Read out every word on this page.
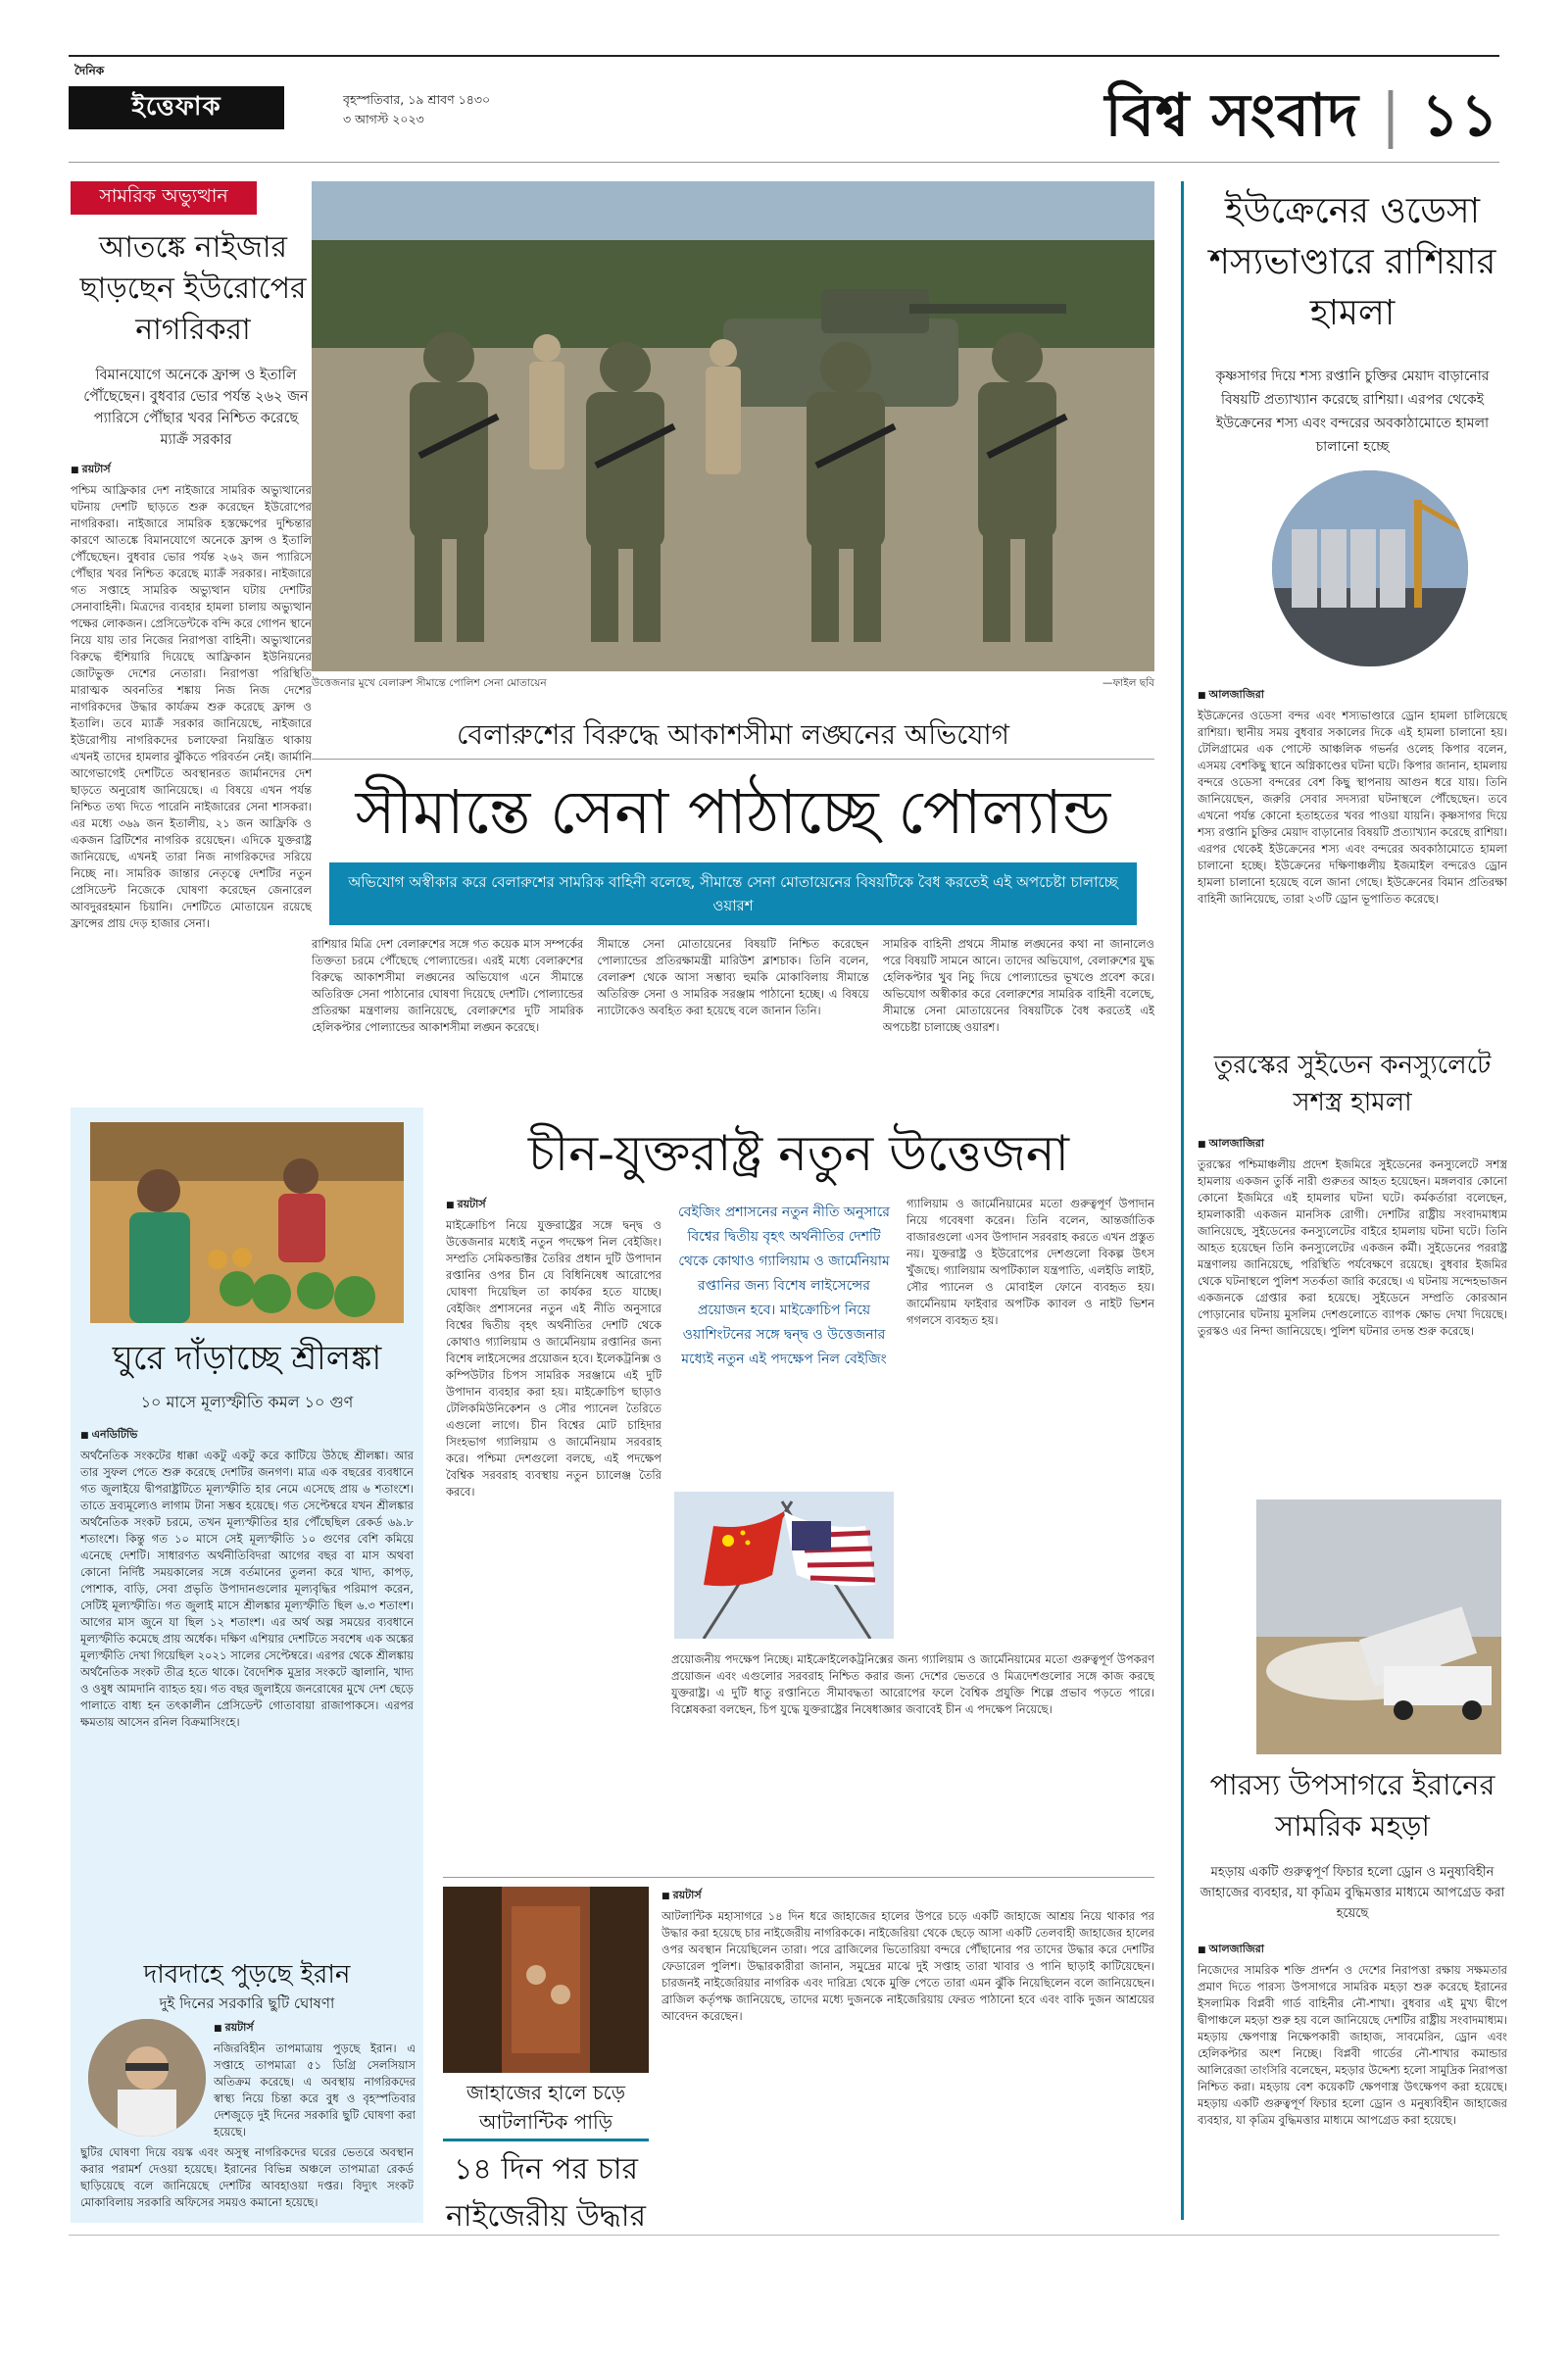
দৈনিক
ইত্তেফাক	বৃহস্পতিবার, ১৯ শ্রাবণ ১৪৩০
৩ আগস্ট ২০২৩	বিশ্ব সংবাদ | ১১
সামরিক অভ্যুত্থান
আতঙ্কে নাইজার ছাড়ছেন ইউরোপের নাগরিকরা
বিমানযোগে অনেকে ফ্রান্স ও ইতালি পৌঁছেছেন। বুধবার ভোর পর্যন্ত ২৬২ জন প্যারিসে পৌঁছার খবর নিশ্চিত করেছে ম্যাক্রঁ সরকার
■ রয়টার্স
পশ্চিম আফ্রিকার দেশ নাইজারে সামরিক অভ্যুত্থানের ঘটনায় দেশটি ছাড়তে শুরু করেছেন ইউরোপের নাগরিকরা। নাইজারে সামরিক হস্তক্ষেপের দুশ্চিন্তার কারণে আতঙ্কে বিমানযোগে অনেকে ফ্রান্স ও ইতালি পৌঁছেছেন। বুধবার ভোর পর্যন্ত ২৬২ জন প্যারিসে পৌঁছার খবর নিশ্চিত করেছে ম্যাক্রঁ সরকার। নাইজারে গত সপ্তাহে সামরিক অভ্যুত্থান ঘটায় দেশটির সেনাবাহিনী। মিত্রদের ব্যবহার হামলা চালায় অভ্যুত্থান পক্ষের লোকজন। প্রেসিডেন্টকে বন্দি করে গোপন স্থানে নিয়ে যায় তার নিজের নিরাপত্তা বাহিনী। অভ্যুত্থানের বিরুদ্ধে হুঁশিয়ারি দিয়েছে আফ্রিকান ইউনিয়নের জোটভুক্ত দেশের নেতারা। নিরাপত্তা পরিস্থিতি মারাত্মক অবনতির শঙ্কায় নিজ নিজ দেশের নাগরিকদের উদ্ধার কার্যক্রম শুরু করেছে ফ্রান্স ও ইতালি। তবে ম্যাক্রঁ সরকার জানিয়েছে, নাইজারে ইউরোপীয় নাগরিকদের চলাফেরা নিয়ন্ত্রিত থাকায় এখনই তাদের হামলার ঝুঁকিতে পরিবর্তন নেই। জার্মানি আগেভাগেই দেশটিতে অবস্থানরত জার্মানদের দেশ ছাড়তে অনুরোধ জানিয়েছে। এ বিষয়ে এখন পর্যন্ত নিশ্চিত তথ্য দিতে পারেনি নাইজারের সেনা শাসকরা। এর মধ্যে ৩৬৯ জন ইতালীয়, ২১ জন আফ্রিকি ও একজন ব্রিটিশের নাগরিক রয়েছেন। এদিকে যুক্তরাষ্ট্র জানিয়েছে, এখনই তারা নিজ নাগরিকদের সরিয়ে নিচ্ছে না। সামরিক জান্তার নেতৃত্বে দেশটির নতুন প্রেসিডেন্ট নিজেকে ঘোষণা করেছেন জেনারেল আবদুররহমান চিয়ানি। দেশটিতে মোতায়েন রয়েছে ফ্রান্সের প্রায় দেড় হাজার সেনা।
উত্তেজনার মুখে বেলারুশ সীমান্তে পোলিশ সেনা মোতায়েন	—ফাইল ছবি
বেলারুশের বিরুদ্ধে আকাশসীমা লঙ্ঘনের অভিযোগ
সীমান্তে সেনা পাঠাচ্ছে পোল্যান্ড
অভিযোগ অস্বীকার করে বেলারুশের সামরিক বাহিনী বলেছে, সীমান্তে সেনা মোতায়েনের বিষয়টিকে বৈধ করতেই এই অপচেষ্টা চালাচ্ছে ওয়ারশ
রাশিয়ার মিত্রি দেশ বেলারুশের সঙ্গে গত কয়েক মাস সম্পর্কের তিক্ততা চরমে পৌঁছেছে পোল্যান্ডের। এরই মধ্যে বেলারুশের বিরুদ্ধে আকাশসীমা লঙ্ঘনের অভিযোগ এনে সীমান্তে অতিরিক্ত সেনা পাঠানোর ঘোষণা দিয়েছে দেশটি। পোল্যান্ডের প্রতিরক্ষা মন্ত্রণালয় জানিয়েছে, বেলারুশের দুটি সামরিক হেলিকপ্টার পোল্যান্ডের আকাশসীমা লঙ্ঘন করেছে।
সীমান্তে সেনা মোতায়েনের বিষয়টি নিশ্চিত করেছেন পোল্যান্ডের প্রতিরক্ষামন্ত্রী মারিউশ ব্লাশচাক। তিনি বলেন, বেলারুশ থেকে আসা সম্ভাব্য হুমকি মোকাবিলায় সীমান্তে অতিরিক্ত সেনা ও সামরিক সরঞ্জাম পাঠানো হচ্ছে। এ বিষয়ে ন্যাটোকেও অবহিত করা হয়েছে বলে জানান তিনি।
সামরিক বাহিনী প্রথমে সীমান্ত লঙ্ঘনের কথা না জানালেও পরে বিষয়টি সামনে আনে। তাদের অভিযোগ, বেলারুশের যুদ্ধ হেলিকপ্টার খুব নিচু দিয়ে পোল্যান্ডের ভূখণ্ডে প্রবেশ করে। অভিযোগ অস্বীকার করে বেলারুশের সামরিক বাহিনী বলেছে, সীমান্তে সেনা মোতায়েনের বিষয়টিকে বৈধ করতেই এই অপচেষ্টা চালাচ্ছে ওয়ারশ।
ইউক্রেনের ওডেসা শস্যভাণ্ডারে রাশিয়ার হামলা
কৃষ্ণসাগর দিয়ে শস্য রপ্তানি চুক্তির মেয়াদ বাড়ানোর বিষয়টি প্রত্যাখ্যান করেছে রাশিয়া। এরপর থেকেই ইউক্রেনের শস্য এবং বন্দরের অবকাঠামোতে হামলা চালানো হচ্ছে
■ আলজাজিরা
ইউক্রেনের ওডেসা বন্দর এবং শস্যভাণ্ডারে ড্রোন হামলা চালিয়েছে রাশিয়া। স্থানীয় সময় বুধবার সকালের দিকে এই হামলা চালানো হয়। টেলিগ্রামের এক পোস্টে আঞ্চলিক গভর্নর ওলেহ কিপার বলেন, এসময় বেশকিছু স্থানে অগ্নিকাণ্ডের ঘটনা ঘটে। কিপার জানান, হামলায় বন্দরে ওডেসা বন্দরের বেশ কিছু স্থাপনায় আগুন ধরে যায়। তিনি জানিয়েছেন, জরুরি সেবার সদস্যরা ঘটনাস্থলে পৌঁছেছেন। তবে এখনো পর্যন্ত কোনো হতাহতের খবর পাওয়া যায়নি। কৃষ্ণসাগর দিয়ে শস্য রপ্তানি চুক্তির মেয়াদ বাড়ানোর বিষয়টি প্রত্যাখ্যান করেছে রাশিয়া। এরপর থেকেই ইউক্রেনের শস্য এবং বন্দরের অবকাঠামোতে হামলা চালানো হচ্ছে। ইউক্রেনের দক্ষিণাঞ্চলীয় ইজমাইল বন্দরেও ড্রোন হামলা চালানো হয়েছে বলে জানা গেছে। ইউক্রেনের বিমান প্রতিরক্ষা বাহিনী জানিয়েছে, তারা ২৩টি ড্রোন ভূপাতিত করেছে।
তুরস্কের সুইডেন কনস্যুলেটে সশস্ত্র হামলা
■ আলজাজিরা
তুরস্কের পশ্চিমাঞ্চলীয় প্রদেশ ইজমিরে সুইডেনের কনস্যুলেটে সশস্ত্র হামলায় একজন তুর্কি নারী গুরুতর আহত হয়েছেন। মঙ্গলবার কোনো কোনো ইজমিরে এই হামলার ঘটনা ঘটে। কর্মকর্তারা বলেছেন, হামলাকারী একজন মানসিক রোগী। দেশটির রাষ্ট্রীয় সংবাদমাধ্যম জানিয়েছে, সুইডেনের কনস্যুলেটের বাইরে হামলায় ঘটনা ঘটে। তিনি আহত হয়েছেন তিনি কনস্যুলেটের একজন কর্মী। সুইডেনের পররাষ্ট্র মন্ত্রণালয় জানিয়েছে, পরিস্থিতি পর্যবেক্ষণে রয়েছে। বুধবার ইজমির থেকে ঘটনাস্থলে পুলিশ সতর্কতা জারি করেছে। এ ঘটনায় সন্দেহভাজন একজনকে গ্রেপ্তার করা হয়েছে। সুইডেনে সম্প্রতি কোরআন পোড়ানোর ঘটনায় মুসলিম দেশগুলোতে ব্যাপক ক্ষোভ দেখা দিয়েছে। তুরস্কও এর নিন্দা জানিয়েছে। পুলিশ ঘটনার তদন্ত শুরু করেছে।
পারস্য উপসাগরে ইরানের সামরিক মহড়া
মহড়ায় একটি গুরুত্বপূর্ণ ফিচার হলো ড্রোন ও মনুষ্যবিহীন জাহাজের ব্যবহার, যা কৃত্রিম বুদ্ধিমত্তার মাধ্যমে আপগ্রেড করা হয়েছে
■ আলজাজিরা
নিজেদের সামরিক শক্তি প্রদর্শন ও দেশের নিরাপত্তা রক্ষায় সক্ষমতার প্রমাণ দিতে পারস্য উপসাগরে সামরিক মহড়া শুরু করেছে ইরানের ইসলামিক বিপ্লবী গার্ড বাহিনীর নৌ-শাখা। বুধবার এই মুখ্য দ্বীপে দ্বীপাঞ্চলে মহড়া শুরু হয় বলে জানিয়েছে দেশটির রাষ্ট্রীয় সংবাদমাধ্যম। মহড়ায় ক্ষেপণাস্ত্র নিক্ষেপকারী জাহাজ, সাবমেরিন, ড্রোন এবং হেলিকপ্টার অংশ নিচ্ছে। বিপ্লবী গার্ডের নৌ-শাখার কমান্ডার আলিরেজা তাংসিরি বলেছেন, মহড়ার উদ্দেশ্য হলো সামুদ্রিক নিরাপত্তা নিশ্চিত করা। মহড়ায় বেশ কয়েকটি ক্ষেপণাস্ত্র উৎক্ষেপণ করা হয়েছে। মহড়ায় একটি গুরুত্বপূর্ণ ফিচার হলো ড্রোন ও মনুষ্যবিহীন জাহাজের ব্যবহার, যা কৃত্রিম বুদ্ধিমত্তার মাধ্যমে আপগ্রেড করা হয়েছে।
ঘুরে দাঁড়াচ্ছে শ্রীলঙ্কা
১০ মাসে মূল্যস্ফীতি কমল ১০ গুণ
■ এনডিটিভি
অর্থনৈতিক সংকটের ধাক্কা একটু একটু করে কাটিয়ে উঠছে শ্রীলঙ্কা। আর তার সুফল পেতে শুরু করেছে দেশটির জনগণ। মাত্র এক বছরের ব্যবধানে গত জুলাইয়ে দ্বীপরাষ্ট্রটিতে মূল্যস্ফীতি হার নেমে এসেছে প্রায় ৬ শতাংশে। তাতে দ্রব্যমূল্যেও লাগাম টানা সম্ভব হয়েছে। গত সেপ্টেম্বরে যখন শ্রীলঙ্কার অর্থনৈতিক সংকট চরমে, তখন মূল্যস্ফীতির হার পৌঁছেছিল রেকর্ড ৬৯.৮ শতাংশে। কিন্তু গত ১০ মাসে সেই মূল্যস্ফীতি ১০ গুণের বেশি কমিয়ে এনেছে দেশটি। সাধারণত অর্থনীতিবিদরা আগের বছর বা মাস অথবা কোনো নির্দিষ্ট সময়কালের সঙ্গে বর্তমানের তুলনা করে খাদ্য, কাপড়, পোশাক, বাড়ি, সেবা প্রভৃতি উপাদানগুলোর মূল্যবৃদ্ধির পরিমাপ করেন, সেটিই মূল্যস্ফীতি। গত জুলাই মাসে শ্রীলঙ্কার মূল্যস্ফীতি ছিল ৬.৩ শতাংশ। আগের মাস জুনে যা ছিল ১২ শতাংশ। এর অর্থ অল্প সময়ের ব্যবধানে মূল্যস্ফীতি কমেছে প্রায় অর্ধেক। দক্ষিণ এশিয়ার দেশটিতে সবশেষ এক অঙ্কের মূল্যস্ফীতি দেখা গিয়েছিল ২০২১ সালের সেপ্টেম্বরে। এরপর থেকে শ্রীলঙ্কায় অর্থনৈতিক সংকট তীব্র হতে থাকে। বৈদেশিক মুদ্রার সংকটে জ্বালানি, খাদ্য ও ওষুধ আমদানি ব্যাহত হয়। গত বছর জুলাইয়ে জনরোষের মুখে দেশ ছেড়ে পালাতে বাধ্য হন তৎকালীন প্রেসিডেন্ট গোতাবায়া রাজাপাকসে। এরপর ক্ষমতায় আসেন রনিল বিক্রমাসিংহে।
দাবদাহে পুড়ছে ইরান
দুই দিনের সরকারি ছুটি ঘোষণা
■ রয়টার্স
নজিরবিহীন তাপমাত্রায় পুড়ছে ইরান। এ সপ্তাহে তাপমাত্রা ৫১ ডিগ্রি সেলসিয়াস অতিক্রম করেছে। এ অবস্থায় নাগরিকদের স্বাস্থ্য নিয়ে চিন্তা করে বুধ ও বৃহস্পতিবার দেশজুড়ে দুই দিনের সরকারি ছুটি ঘোষণা করা হয়েছে।
ছুটির ঘোষণা দিয়ে বয়স্ক এবং অসুস্থ নাগরিকদের ঘরের ভেতরে অবস্থান করার পরামর্শ দেওয়া হয়েছে। ইরানের বিভিন্ন অঞ্চলে তাপমাত্রা রেকর্ড ছাড়িয়েছে বলে জানিয়েছে দেশটির আবহাওয়া দপ্তর। বিদ্যুৎ সংকট মোকাবিলায় সরকারি অফিসের সময়ও কমানো হয়েছে।
চীন-যুক্তরাষ্ট্র নতুন উত্তেজনা
■ রয়টার্স
মাইক্রোচিপ নিয়ে যুক্তরাষ্ট্রের সঙ্গে দ্বন্দ্ব ও উত্তেজনার মধ্যেই নতুন পদক্ষেপ নিল বেইজিং। সম্প্রতি সেমিকন্ডাক্টর তৈরির প্রধান দুটি উপাদান রপ্তানির ওপর চীন যে বিধিনিষেধ আরোপের ঘোষণা দিয়েছিল তা কার্যকর হতে যাচ্ছে। বেইজিং প্রশাসনের নতুন এই নীতি অনুসারে বিশ্বের দ্বিতীয় বৃহৎ অর্থনীতির দেশটি থেকে কোথাও গ্যালিয়াম ও জার্মেনিয়াম রপ্তানির জন্য বিশেষ লাইসেন্সের প্রয়োজন হবে। ইলেকট্রনিক্স ও কম্পিউটার চিপস সামরিক সরঞ্জামে এই দুটি উপাদান ব্যবহার করা হয়। মাইক্রোচিপ ছাড়াও টেলিকমিউনিকেশন ও সৌর প্যানেল তৈরিতে এগুলো লাগে। চীন বিশ্বের মোট চাহিদার সিংহভাগ গ্যালিয়াম ও জার্মেনিয়াম সরবরাহ করে। পশ্চিমা দেশগুলো বলছে, এই পদক্ষেপ বৈশ্বিক সরবরাহ ব্যবস্থায় নতুন চ্যালেঞ্জ তৈরি করবে।
বেইজিং প্রশাসনের নতুন নীতি অনুসারে বিশ্বের দ্বিতীয় বৃহৎ অর্থনীতির দেশটি থেকে কোথাও গ্যালিয়াম ও জার্মেনিয়াম রপ্তানির জন্য বিশেষ লাইসেন্সের প্রয়োজন হবে। মাইক্রোচিপ নিয়ে ওয়াশিংটনের সঙ্গে দ্বন্দ্ব ও উত্তেজনার মধ্যেই নতুন এই পদক্ষেপ নিল বেইজিং
গ্যালিয়াম ও জার্মেনিয়ামের মতো গুরুত্বপূর্ণ উপাদান নিয়ে গবেষণা করেন। তিনি বলেন, আন্তর্জাতিক বাজারগুলো এসব উপাদান সরবরাহ করতে এখন প্রস্তুত নয়। যুক্তরাষ্ট্র ও ইউরোপের দেশগুলো বিকল্প উৎস খুঁজছে। গ্যালিয়াম অপটিক্যাল যন্ত্রপাতি, এলইডি লাইট, সৌর প্যানেল ও মোবাইল ফোনে ব্যবহৃত হয়। জার্মেনিয়াম ফাইবার অপটিক ক্যাবল ও নাইট ভিশন গগলসে ব্যবহৃত হয়।
প্রয়োজনীয় পদক্ষেপ নিচ্ছে। মাইক্রোইলেকট্রনিক্সের জন্য গ্যালিয়াম ও জার্মেনিয়ামের মতো গুরুত্বপূর্ণ উপকরণ প্রয়োজন এবং এগুলোর সরবরাহ নিশ্চিত করার জন্য দেশের ভেতরে ও মিত্রদেশগুলোর সঙ্গে কাজ করছে যুক্তরাষ্ট্র। এ দুটি ধাতু রপ্তানিতে সীমাবদ্ধতা আরোপের ফলে বৈশ্বিক প্রযুক্তি শিল্পে প্রভাব পড়তে পারে। বিশ্লেষকরা বলছেন, চিপ যুদ্ধে যুক্তরাষ্ট্রের নিষেধাজ্ঞার জবাবেই চীন এ পদক্ষেপ নিয়েছে।
জাহাজের হালে চড়ে আটলান্টিক পাড়ি
১৪ দিন পর চার নাইজেরীয় উদ্ধার
■ রয়টার্স
আটলান্টিক মহাসাগরে ১৪ দিন ধরে জাহাজের হালের উপরে চড়ে একটি জাহাজে আশ্রয় নিয়ে থাকার পর উদ্ধার করা হয়েছে চার নাইজেরীয় নাগরিককে। নাইজেরিয়া থেকে ছেড়ে আসা একটি তেলবাহী জাহাজের হালের ওপর অবস্থান নিয়েছিলেন তারা। পরে ব্রাজিলের ভিতোরিয়া বন্দরে পৌঁছানোর পর তাদের উদ্ধার করে দেশটির ফেডারেল পুলিশ। উদ্ধারকারীরা জানান, সমুদ্রের মাঝে দুই সপ্তাহ তারা খাবার ও পানি ছাড়াই কাটিয়েছেন। চারজনই নাইজেরিয়ার নাগরিক এবং দারিদ্র্য থেকে মুক্তি পেতে তারা এমন ঝুঁকি নিয়েছিলেন বলে জানিয়েছেন। ব্রাজিল কর্তৃপক্ষ জানিয়েছে, তাদের মধ্যে দুজনকে নাইজেরিয়ায় ফেরত পাঠানো হবে এবং বাকি দুজন আশ্রয়ের আবেদন করেছেন।
